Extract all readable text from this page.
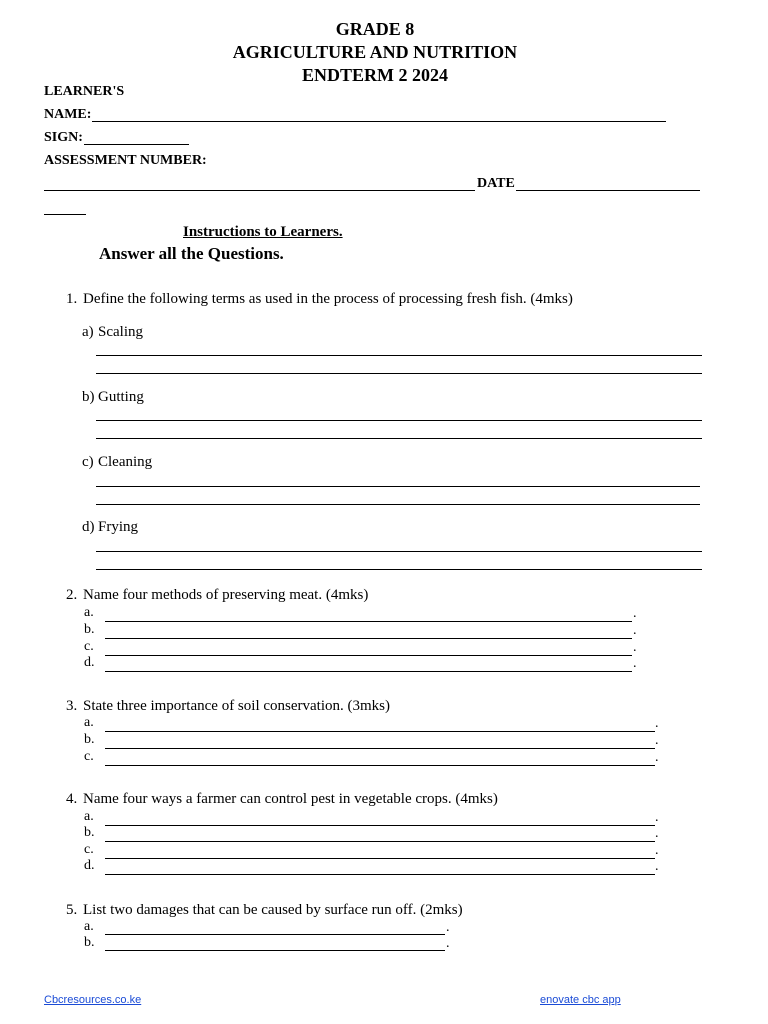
GRADE 8
AGRICULTURE AND NUTRITION
ENDTERM 2 2024
LEARNER'S
NAME:
SIGN:
ASSESSMENT NUMBER:
DATE
Instructions to Learners.
Answer all the Questions.
1. Define the following terms as used in the process of processing fresh fish. (4mks)
a) Scaling
b) Gutting
c) Cleaning
d) Frying
2. Name four methods of preserving meat. (4mks)
a.	.
b.	.
c.	.
d.	.
3. State three importance of soil conservation. (3mks)
a.	.
b.	.
c.	.
4. Name four ways a farmer can control pest in vegetable crops. (4mks)
a.	.
b.	.
c.	.
d.	.
5. List two damages that can be caused by surface run off. (2mks)
a.	.
b.	.
Cbcresources.co.ke	enovate cbc app
